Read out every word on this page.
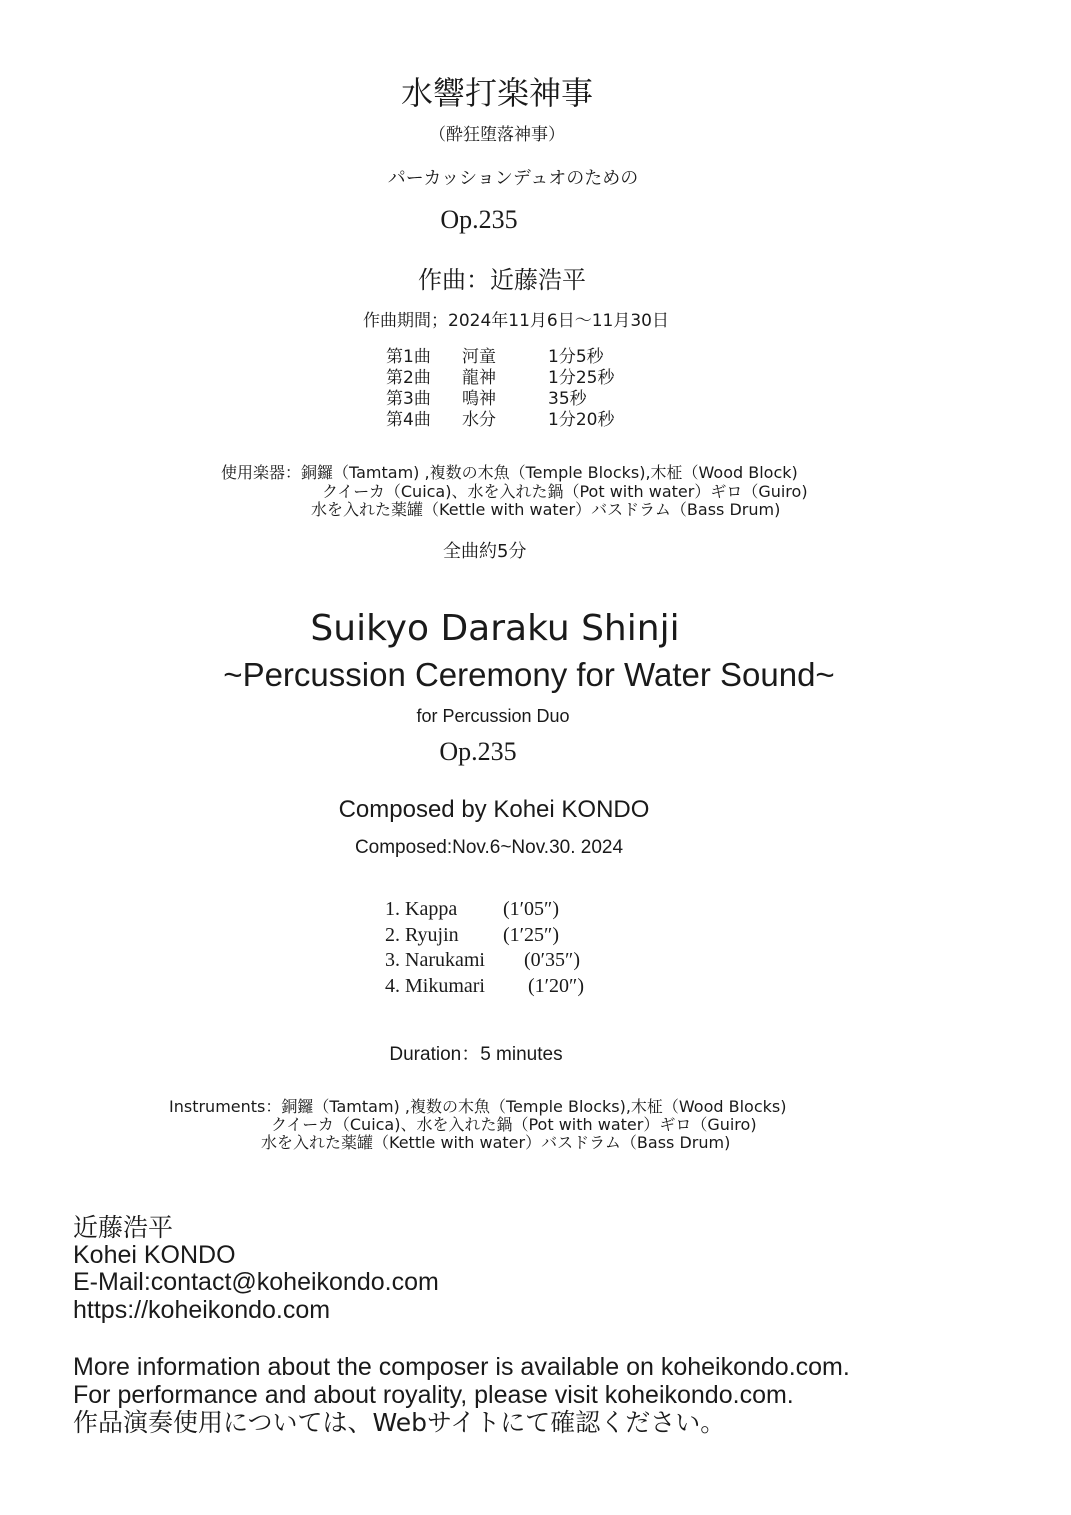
水響打楽神事
（酔狂堕落神事）
パーカッションデュオのための
Op.235
作曲：近藤浩平
作曲期間；2024年11月6日〜11月30日
第1曲	河童	1分5秒
第2曲	龍神	1分25秒
第3曲	鳴神	35秒
第4曲	水分	1分20秒
使用楽器：銅鑼（Tamtam) ,複数の木魚（Temple Blocks),木柾（Wood Block)
クイーカ（Cuica)、水を入れた鍋（Pot with water）ギロ（Guiro)
水を入れた薬罐（Kettle with water）バスドラム（Bass Drum)
全曲約5分
Suikyo Daraku Shinji
~Percussion Ceremony for Water Sound~
for Percussion Duo
Op.235
Composed by Kohei KONDO
Composed:Nov.6~Nov.30. 2024
1. Kappa (1′05″)
2. Ryujin (1′25″)
3. Narukami (0′35″)
4. Mikumari (1′20″)
Duration：5 minutes
Instruments：銅鑼（Tamtam) ,複数の木魚（Temple Blocks),木柾（Wood Blocks)
クイーカ（Cuica)、水を入れた鍋（Pot with water）ギロ（Guiro)
水を入れた薬罐（Kettle with water）バスドラム（Bass Drum)
近藤浩平
Kohei KONDO
E-Mail:contact@koheikondo.com
https://koheikondo.com
More information about the composer is available on koheikondo.com.
For performance and about royality, please visit koheikondo.com.
作品演奏使用については、Webサイトにて確認ください。
